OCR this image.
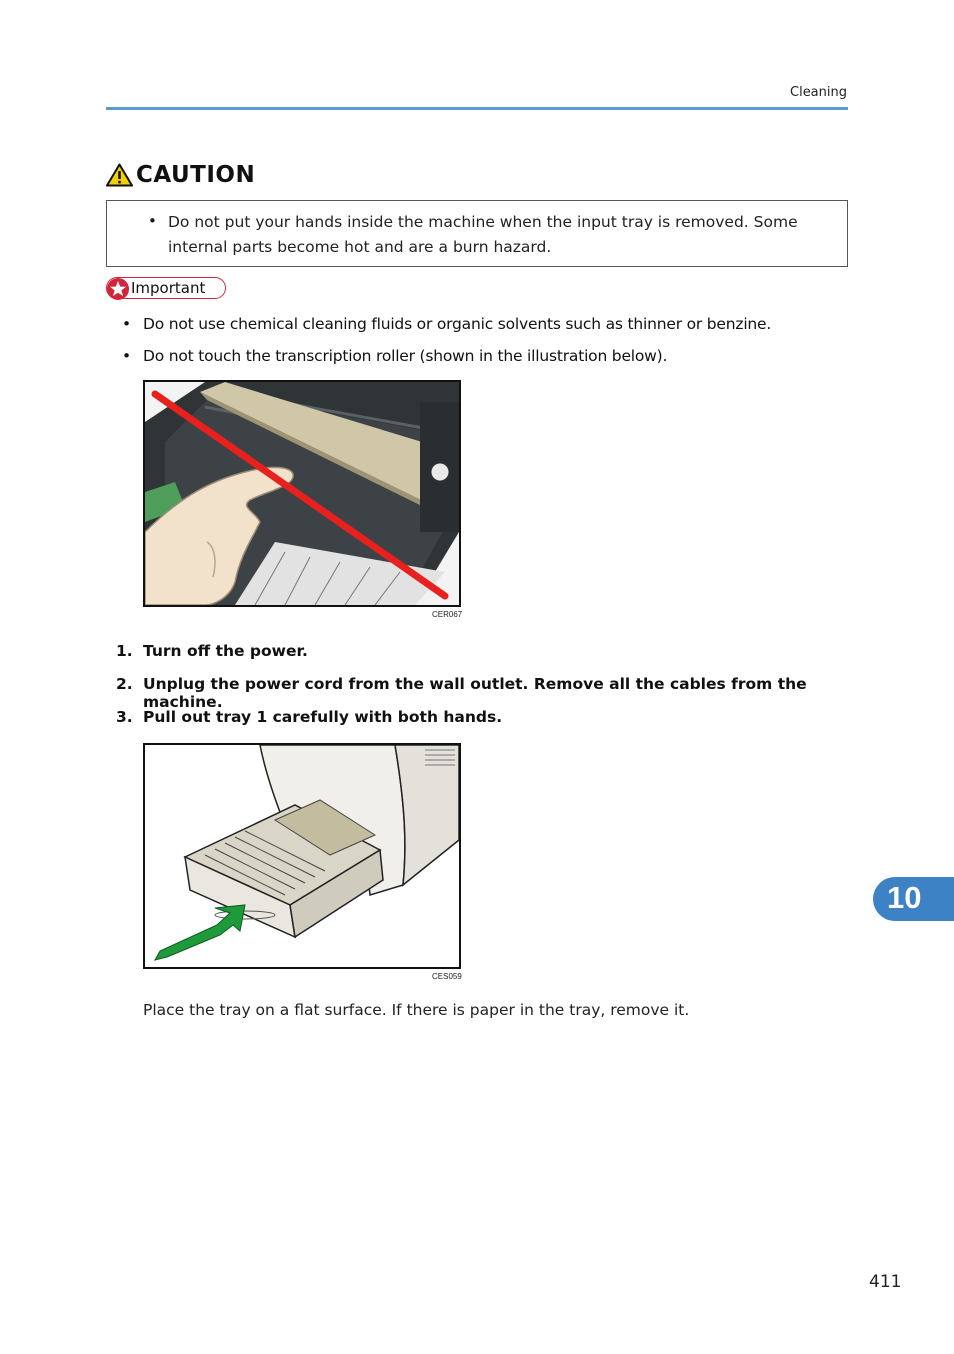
Cleaning
CAUTION
• Do not put your hands inside the machine when the input tray is removed. Some internal parts become hot and are a burn hazard.
Important
• Do not use chemical cleaning fluids or organic solvents such as thinner or benzine.
• Do not touch the transcription roller (shown in the illustration below).
CER067
1. Turn off the power.
2. Unplug the power cord from the wall outlet. Remove all the cables from the machine.
3. Pull out tray 1 carefully with both hands.
CES059
Place the tray on a flat surface. If there is paper in the tray, remove it.
10
411
